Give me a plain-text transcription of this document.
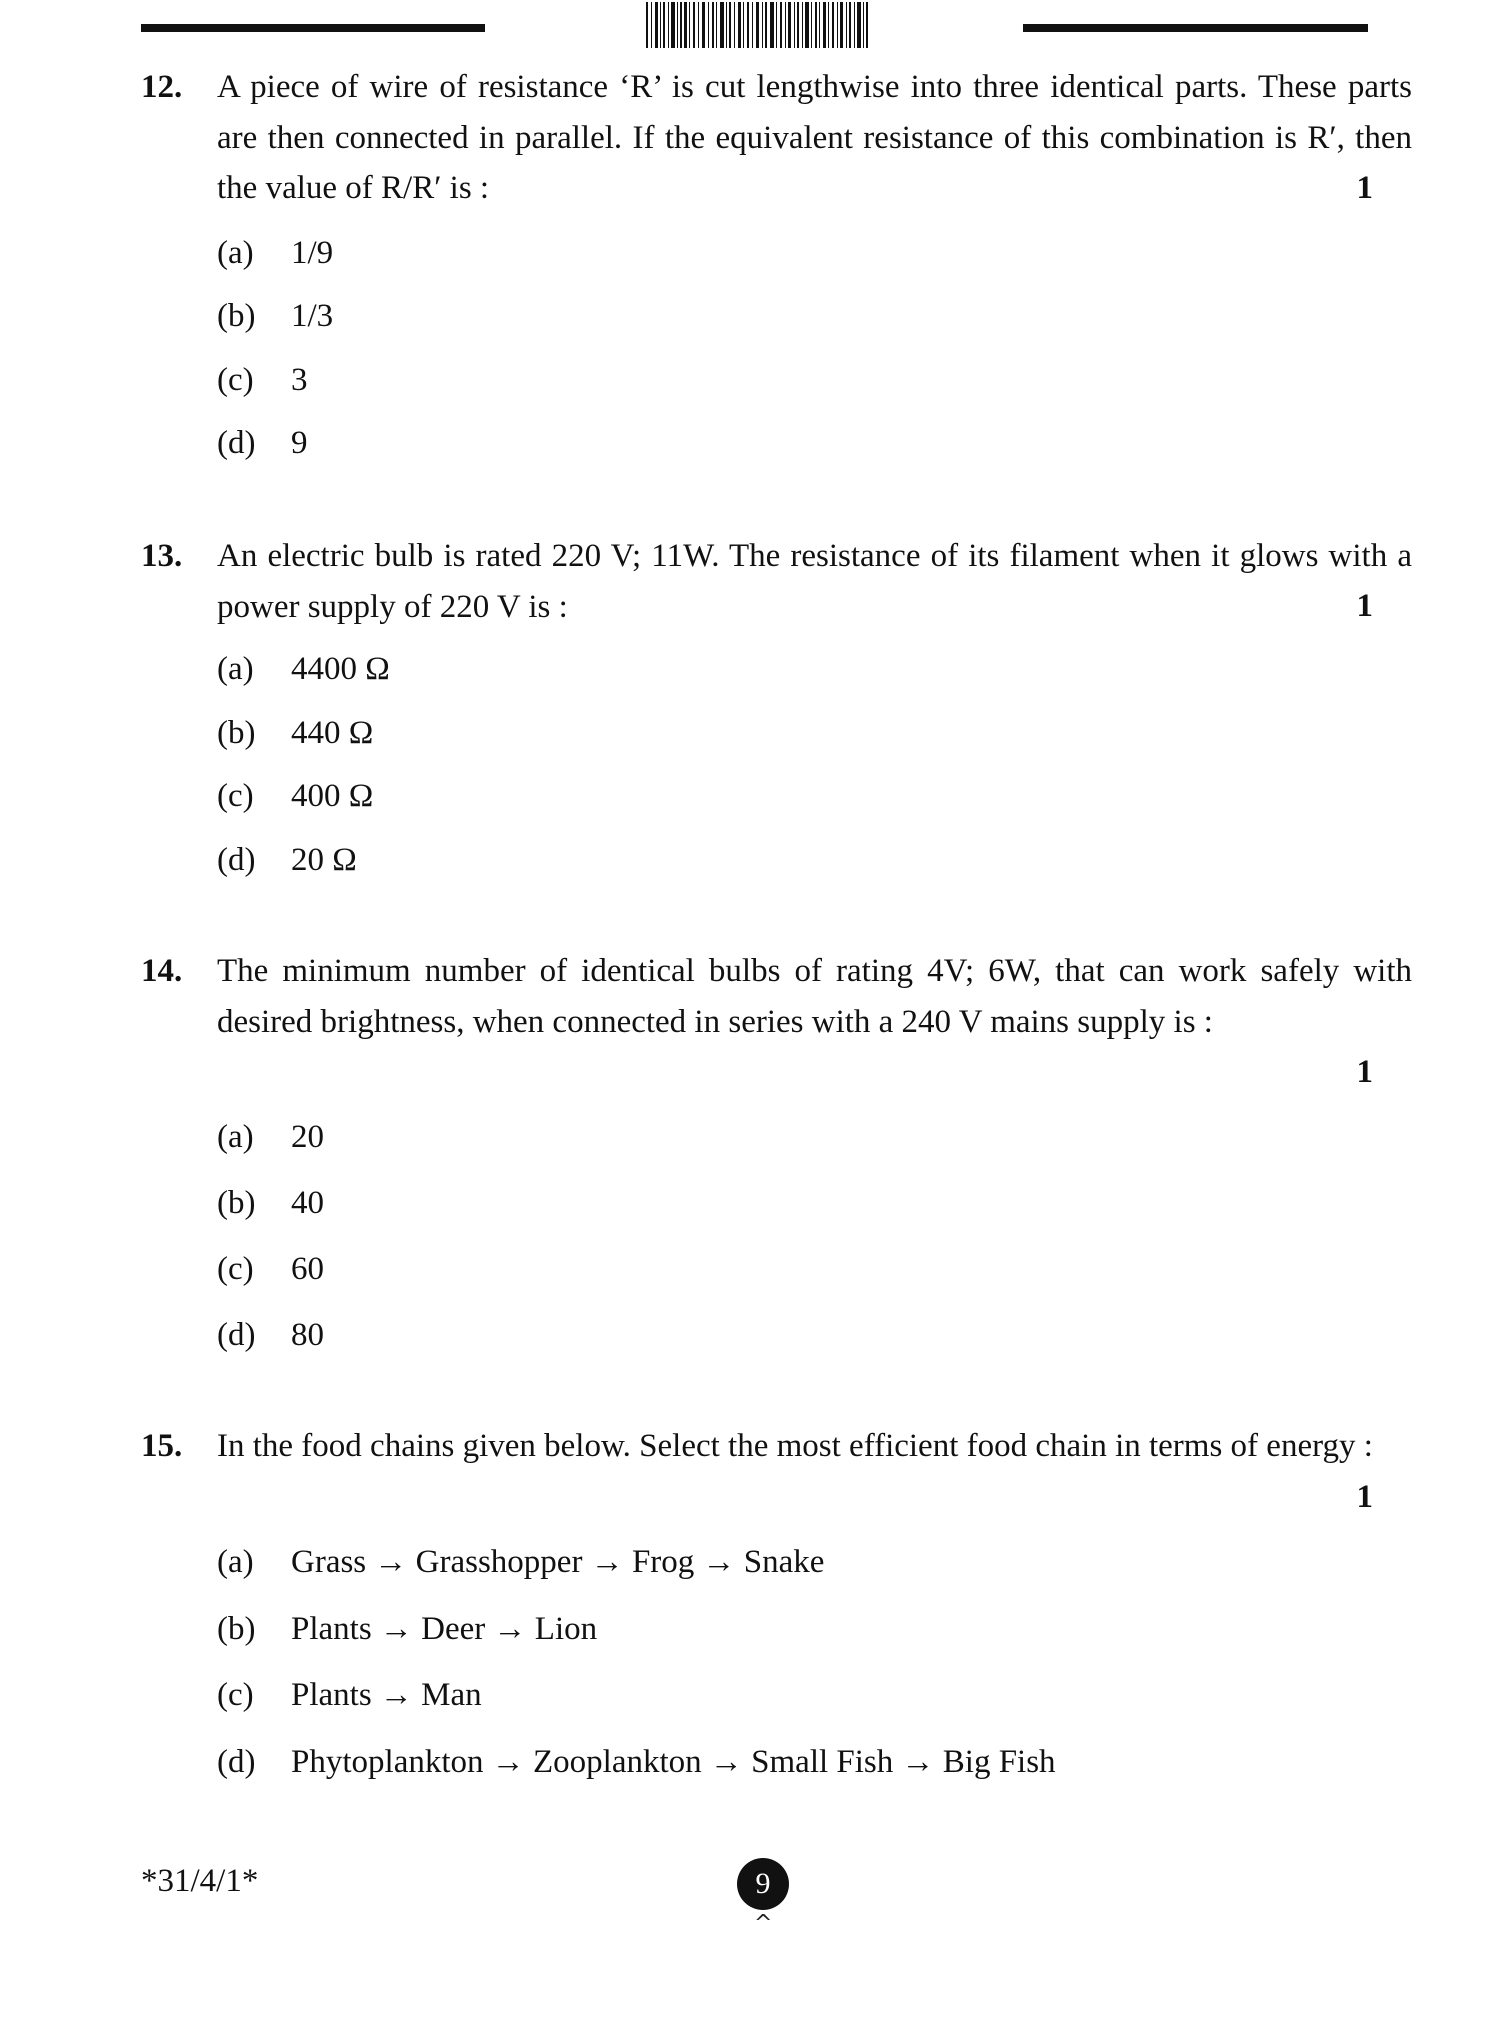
12. A piece of wire of resistance ‘R’ is cut lengthwise into three identical parts. These parts are then connected in parallel. If the equivalent resistance of this combination is R′, then the value of R/R′ is :	1
(a) 1/9
(b) 1/3
(c) 3
(d) 9
13. An electric bulb is rated 220 V; 11W. The resistance of its filament when it glows with a power supply of 220 V is :	1
(a) 4400 Ω
(b) 440 Ω
(c) 400 Ω
(d) 20 Ω
14. The minimum number of identical bulbs of rating 4V; 6W, that can work safely with desired brightness, when connected in series with a 240 V mains supply is :

1
(a) 20
(b) 40
(c) 60
(d) 80
15. In the food chains given below. Select the most efficient food chain in terms of energy :

1
(a) Grass → Grasshopper → Frog → Snake
(b) Plants → Deer → Lion
(c) Plants → Man
(d) Phytoplankton → Zooplankton → Small Fish → Big Fish
*31/4/1*	9
^
